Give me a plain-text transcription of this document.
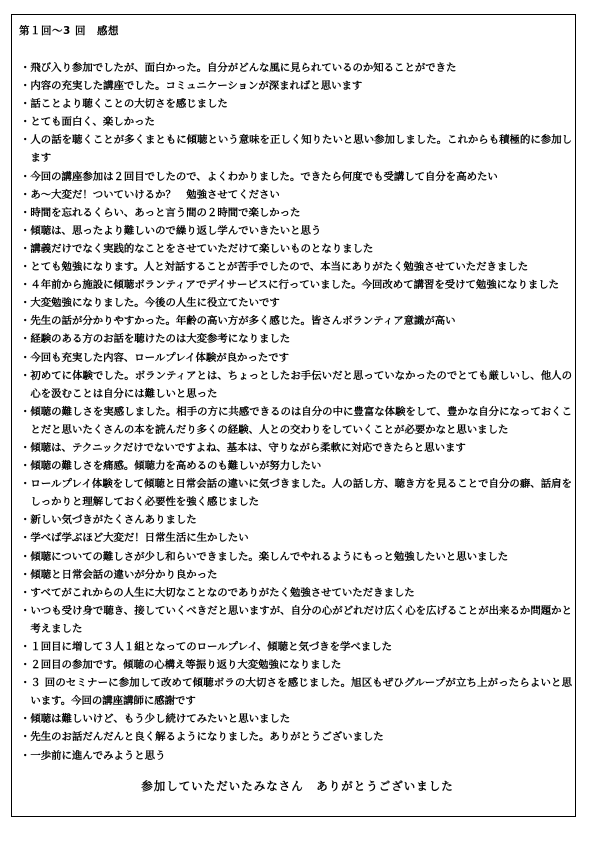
第１回〜3 回　感想
・ 飛び入り参加でしたが、面白かった。自分がどんな風に見られているのか知ることができた
・ 内容の充実した講座でした。コミュニケーションが深まればと思います
・ 話ことより聴くことの大切さを感じました
・ とても面白く、楽しかった
・ 人の話を聴くことが多くまともに傾聴という意味を正しく知りたいと思い参加しました。これからも積極的に参加します
・ 今回の講座参加は２回目でしたので、よくわかりました。できたら何度でも受講して自分を高めたい
・ あ〜大変だ！ついていけるか？　勉強させてください
・ 時間を忘れるくらい、あっと言う間の２時間で楽しかった
・ 傾聴は、思ったより難しいので繰り返し学んでいきたいと思う
・ 講義だけでなく実践的なことをさせていただけて楽しいものとなりました
・ とても勉強になります。人と対話することが苦手でしたので、本当にありがたく勉強させていただきました
・ ４年前から施設に傾聴ボランティアでデイサービスに行っていました。今回改めて講習を受けて勉強になりました
・ 大変勉強になりました。今後の人生に役立てたいです
・ 先生の話が分かりやすかった。年齢の高い方が多く感じた。皆さんボランティア意識が高い
・ 経験のある方のお話を聴けたのは大変参考になりました
・ 今回も充実した内容、ロールプレイ体験が良かったです
・ 初めてに体験でした。ボランティアとは、ちょっとしたお手伝いだと思っていなかったのでとても厳しいし、他人の心を汲むことは自分には難しいと思った
・ 傾聴の難しさを実感しました。相手の方に共感できるのは自分の中に豊富な体験をして、豊かな自分になっておくことだと思いたくさんの本を読んだり多くの経験、人との交わりをしていくことが必要かなと思いました
・ 傾聴は、テクニックだけでないですよね、基本は、守りながら柔軟に対応できたらと思います
・ 傾聴の難しさを痛感。傾聴力を高めるのも難しいが努力したい
・ ロールプレイ体験をして傾聴と日常会話の違いに気づきました。人の話し方、聴き方を見ることで自分の癖、話肩をしっかりと理解しておく必要性を強く感じました
・ 新しい気づきがたくさんありました
・ 学べば学ぶほど大変だ！日常生活に生かしたい
・ 傾聴についての難しさが少し和らいできました。楽しんでやれるようにもっと勉強したいと思いました
・ 傾聴と日常会話の違いが分かり良かった
・ すべてがこれからの人生に大切なことなのでありがたく勉強させていただきました
・ いつも受け身で聴き、接していくべきだと思いますが、自分の心がどれだけ広く心を広げることが出来るか問題かと考えました
・ １回目に増して３人１組となってのロールプレイ、傾聴と気づきを学べました
・ ２回目の参加です。傾聴の心構え等振り返り大変勉強になりました
・ ３ 回のセミナーに参加して改めて傾聴ボラの大切さを感じました。旭区もぜひグループが立ち上がったらよいと思います。今回の講座講師に感謝です
・ 傾聴は難しいけど、もう少し続けてみたいと思いました
・ 先生のお話だんだんと良く解るようになりました。ありがとうございました
・ 一歩前に進んでみようと思う
参加していただいたみなさん　ありがとうございました
